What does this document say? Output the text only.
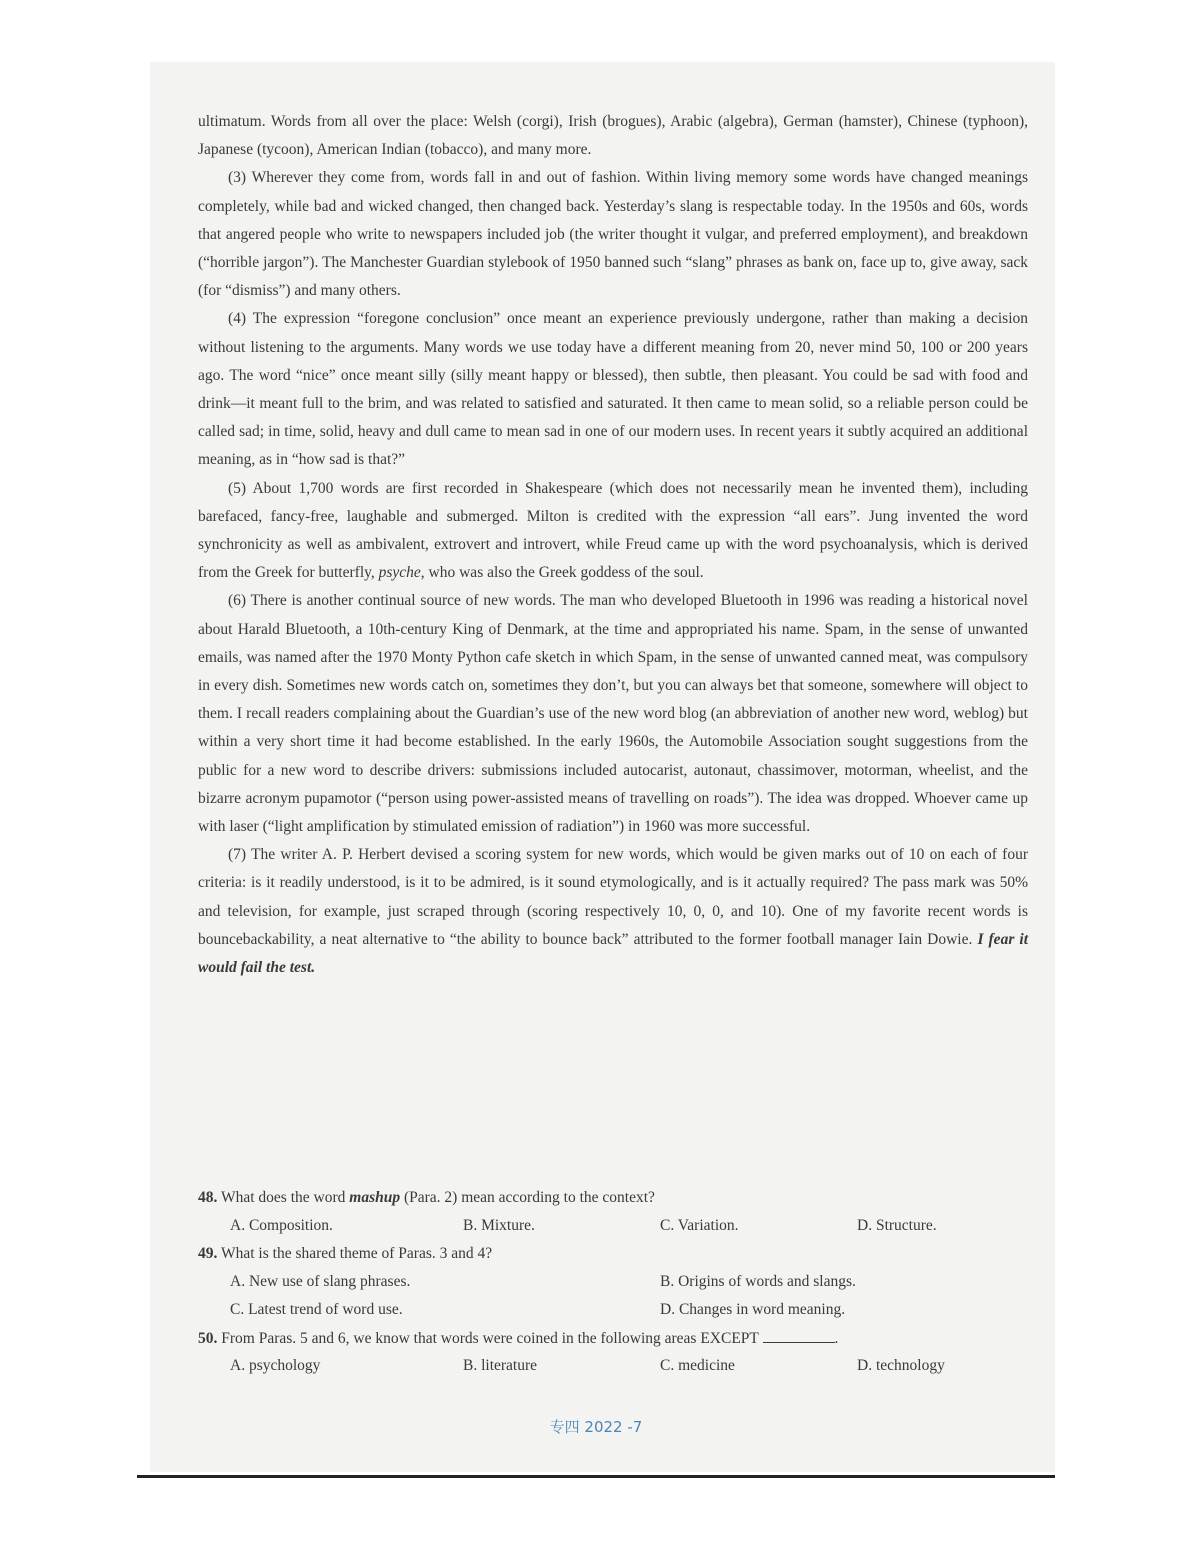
ultimatum. Words from all over the place: Welsh (corgi), Irish (brogues), Arabic (algebra), German (hamster), Chinese (typhoon), Japanese (tycoon), American Indian (tobacco), and many more.

(3) Wherever they come from, words fall in and out of fashion. Within living memory some words have changed meanings completely, while bad and wicked changed, then changed back. Yesterday’s slang is respectable today. In the 1950s and 60s, words that angered people who write to newspapers included job (the writer thought it vulgar, and preferred employment), and breakdown (“horrible jargon”). The Manchester Guardian stylebook of 1950 banned such “slang” phrases as bank on, face up to, give away, sack (for “dismiss”) and many others.

(4) The expression “foregone conclusion” once meant an experience previously undergone, rather than making a decision without listening to the arguments. Many words we use today have a different meaning from 20, never mind 50, 100 or 200 years ago. The word “nice” once meant silly (silly meant happy or blessed), then subtle, then pleasant. You could be sad with food and drink—it meant full to the brim, and was related to satisfied and saturated. It then came to mean solid, so a reliable person could be called sad; in time, solid, heavy and dull came to mean sad in one of our modern uses. In recent years it subtly acquired an additional meaning, as in “how sad is that?”

(5) About 1,700 words are first recorded in Shakespeare (which does not necessarily mean he invented them), including barefaced, fancy-free, laughable and submerged. Milton is credited with the expression “all ears”. Jung invented the word synchronicity as well as ambivalent, extrovert and introvert, while Freud came up with the word psychoanalysis, which is derived from the Greek for butterfly, psyche, who was also the Greek goddess of the soul.

(6) There is another continual source of new words. The man who developed Bluetooth in 1996 was reading a historical novel about Harald Bluetooth, a 10th-century King of Denmark, at the time and appropriated his name. Spam, in the sense of unwanted emails, was named after the 1970 Monty Python cafe sketch in which Spam, in the sense of unwanted canned meat, was compulsory in every dish. Sometimes new words catch on, sometimes they don’t, but you can always bet that someone, somewhere will object to them. I recall readers complaining about the Guardian’s use of the new word blog (an abbreviation of another new word, weblog) but within a very short time it had become established. In the early 1960s, the Automobile Association sought suggestions from the public for a new word to describe drivers: submissions included autocarist, autonaut, chassimover, motorman, wheelist, and the bizarre acronym pupamotor (“person using power-assisted means of travelling on roads”). The idea was dropped. Whoever came up with laser (“light amplification by stimulated emission of radiation”) in 1960 was more successful.

(7) The writer A. P. Herbert devised a scoring system for new words, which would be given marks out of 10 on each of four criteria: is it readily understood, is it to be admired, is it sound etymologically, and is it actually required? The pass mark was 50% and television, for example, just scraped through (scoring respectively 10, 0, 0, and 10). One of my favorite recent words is bouncebackability, a neat alternative to “the ability to bounce back” attributed to the former football manager Iain Dowie. I fear it would fail the test.

48. What does the word mashup (Para. 2) mean according to the context?
A. Composition.	B. Mixture.	C. Variation.	D. Structure.
49. What is the shared theme of Paras. 3 and 4?
A. New use of slang phrases.	B. Origins of words and slangs.
C. Latest trend of word use.	D. Changes in word meaning.
50. From Paras. 5 and 6, we know that words were coined in the following areas EXCEPT	.
A. psychology	B. literature	C. medicine	D. technology
专四 2022 -7
